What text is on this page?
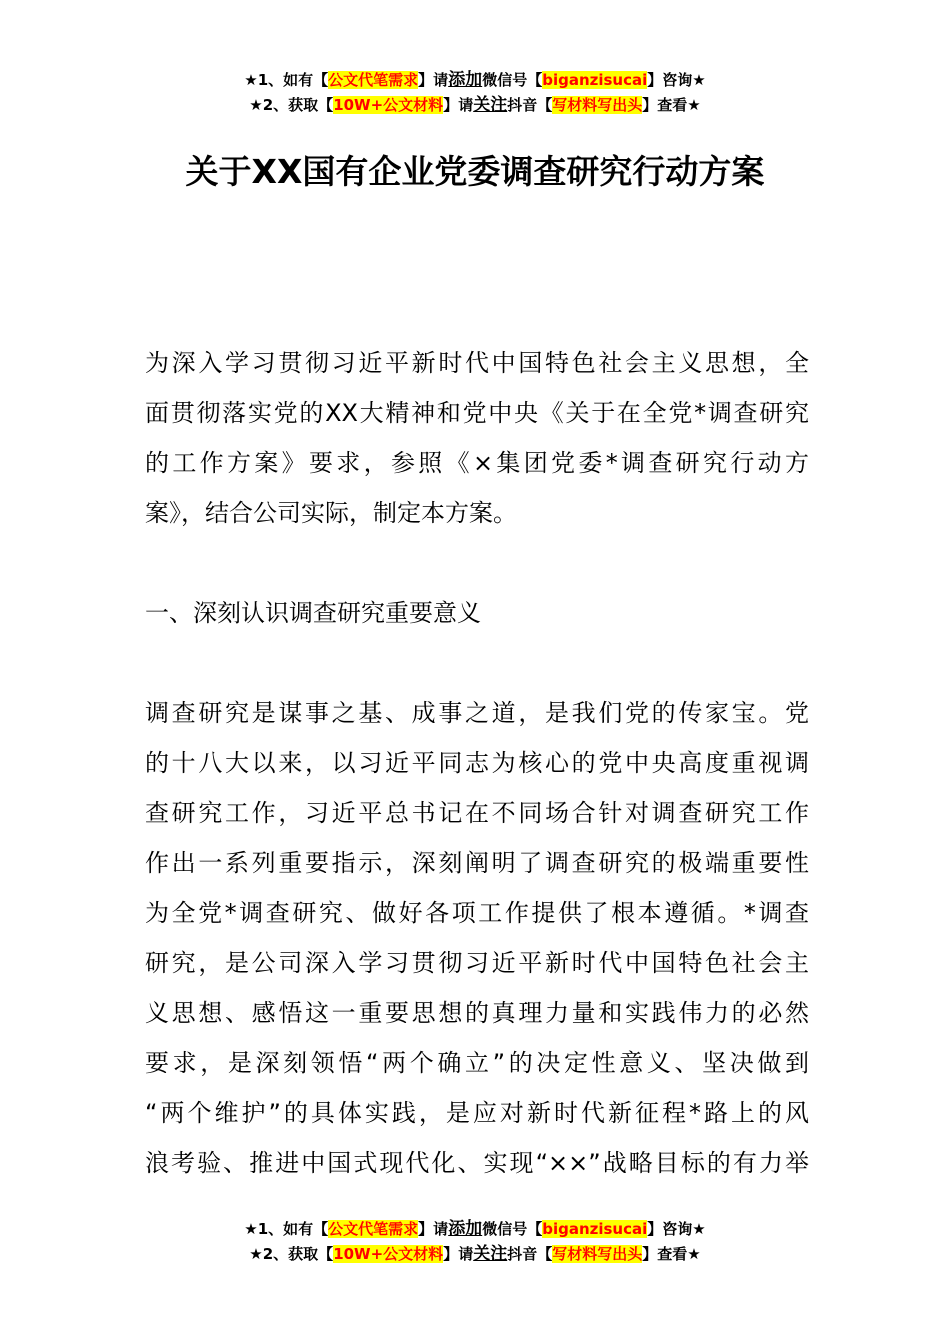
★1、如有【公文代笔需求】请添加微信号【biganzisucai】咨询★
★2、获取【10W+公文材料】请关注抖音【写材料写出头】查看★
关于XX国有企业党委调查研究行动方案
为深入学习贯彻习近平新时代中国特色社会主义思想，全
面贯彻落实党的XX大精神和党中央《关于在全党*调查研究
的工作方案》要求，参照《×集团党委*调查研究行动方
案》，结合公司实际，制定本方案。
一、深刻认识调查研究重要意义
调查研究是谋事之基、成事之道，是我们党的传家宝。党
的十八大以来，以习近平同志为核心的党中央高度重视调
查研究工作，习近平总书记在不同场合针对调查研究工作
作出一系列重要指示，深刻阐明了调查研究的极端重要性
为全党*调查研究、做好各项工作提供了根本遵循。*调查
研究，是公司深入学习贯彻习近平新时代中国特色社会主
义思想、感悟这一重要思想的真理力量和实践伟力的必然
要求，是深刻领悟“两个确立”的决定性意义、坚决做到
“两个维护”的具体实践，是应对新时代新征程*路上的风
浪考验、推进中国式现代化、实现“××”战略目标的有力举
★1、如有【公文代笔需求】请添加微信号【biganzisucai】咨询★
★2、获取【10W+公文材料】请关注抖音【写材料写出头】查看★
